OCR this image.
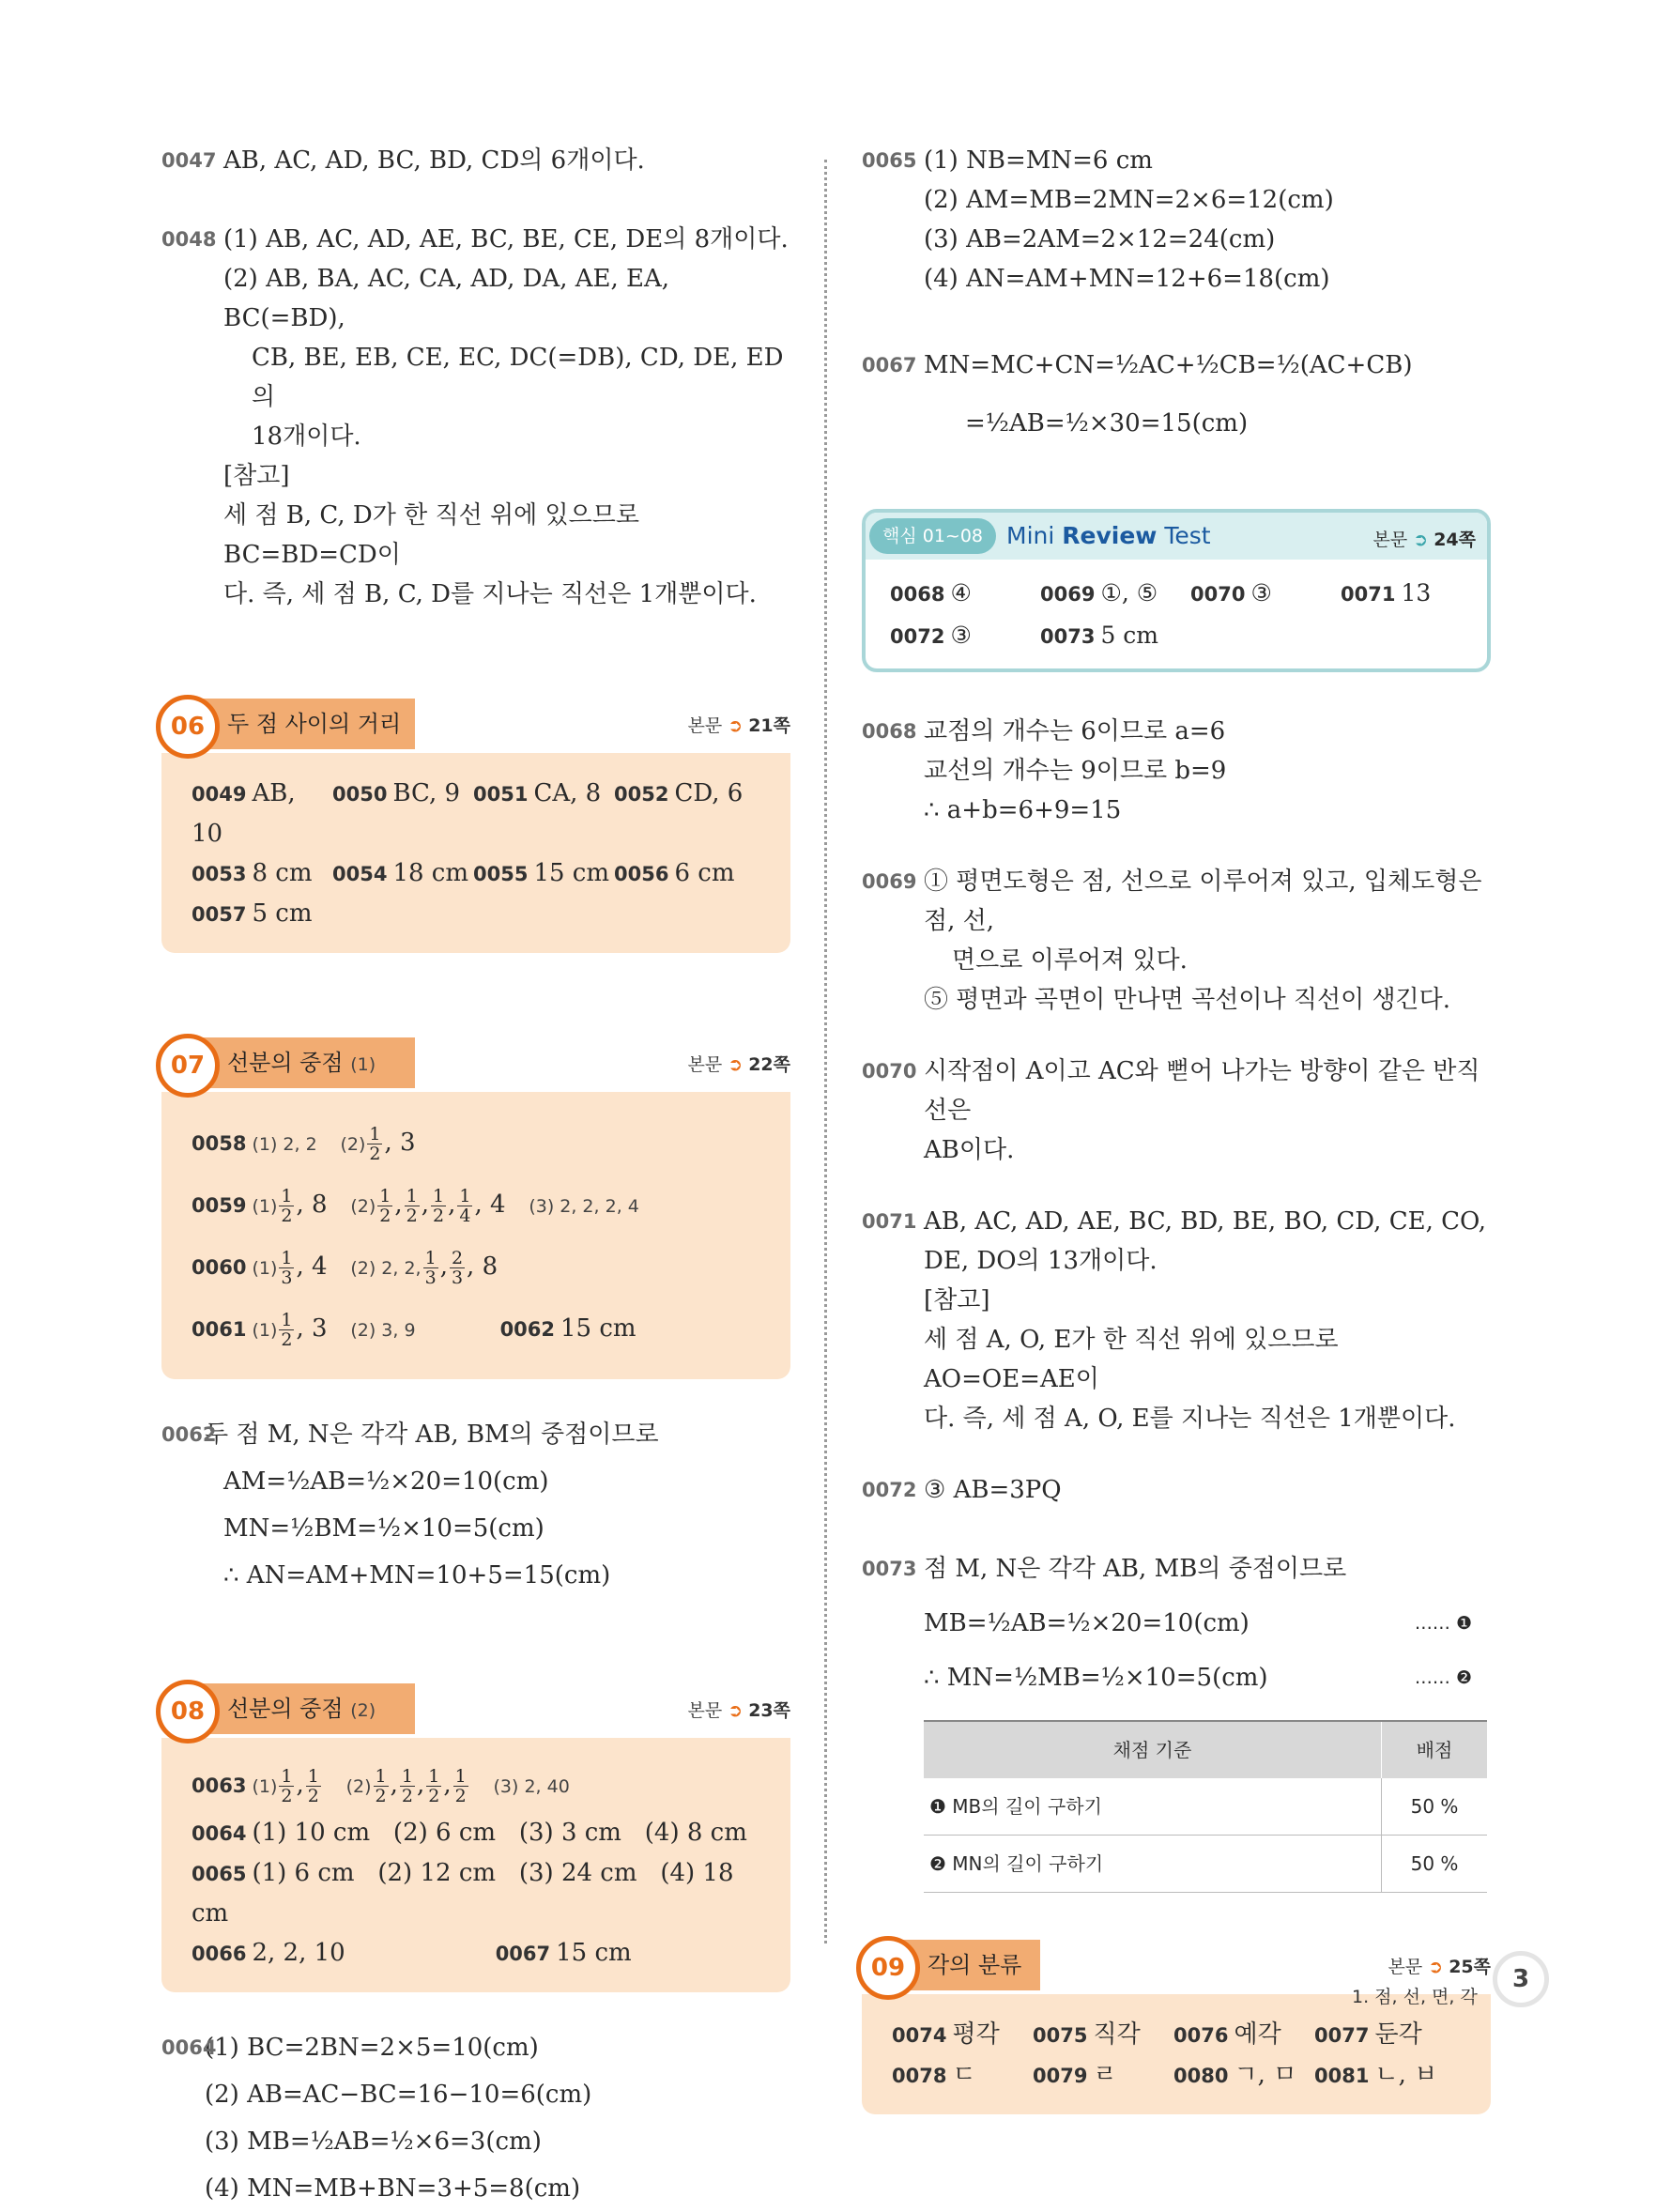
0047 AB, AC, AD, BC, BD, CD의 6개이다.
0048 (1) AB, AC, AD, AE, BC, BE, CE, DE의 8개이다.
(2) AB, BA, AC, CA, AD, DA, AE, EA, BC(=BD),
CB, BE, EB, CE, EC, DC(=DB), CD, DE, ED의
18개이다.
[참고]
세 점 B, C, D가 한 직선 위에 있으므로 BC=BD=CD이
다. 즉, 세 점 B, C, D를 지나는 직선은 1개뿐이다.
06 두 점 사이의 거리	본문 ➲ 21쪽
0049 AB, 10
0050 BC, 9 0051 CA, 8 0052 CD, 6
0053 8 cm	0054 18 cm 0055 15 cm 0056 6 cm
0057 5 cm
07 선분의 중점 (1)	본문 ➲ 22쪽
0058 (1) 2, 2 $(2) \frac{1}{2}$ , 3
0059 $(1) \frac{1}{2}$ , 8 $(2) \frac{1}{2}$ , $\frac{1}{2}$ , $\frac{1}{2}$ , $\frac{1}{4}$ , 4 (3) 2, 2, 2, 4
0060 $(1) \frac{1}{3}$ , 4 (2) 2, 2, $\frac{1}{3}$ , $\frac{2}{3}$ , 8
0061 $(1) \frac{1}{2}$ , 3 (2) 3, 9	0062 15 cm
0062
두 점 M, N은 각각 AB, BM의 중점이므로
AM=½AB=½×20=10(cm)
MN=½BM=½×10=5(cm)
∴ AN=AM+MN=10+5=15(cm)
08 선분의 중점 (2)	본문 ➲ 23쪽
0063 $(1) \frac{1}{2}$ , $\frac{1}{2} (2) \frac{1}{2}$ , $\frac{1}{2}$ , $\frac{1}{2}$ , $\frac{1}{2} (3)$ 2, 40
0064 (1) 10 cm (2) 6 cm (3) 3 cm (4) 8 cm
0065 (1) 6 cm (2) 12 cm (3) 24 cm (4) 18 cm
0066 2, 2, 10	0067 15 cm
0064
(1) BC=2BN=2×5=10(cm)
(2) AB=AC−BC=16−10=6(cm)
(3) MB=½AB=½×6=3(cm)
(4) MN=MB+BN=3+5=8(cm)
0065 (1) NB=MN=6 cm
(2) AM=MB=2MN=2×6=12(cm)
(3) AB=2AM=2×12=24(cm)
(4) AN=AM+MN=12+6=18(cm)
0067 MN=MC+CN=½AC+½CB=½(AC+CB)
=½AB=½×30=15(cm)
핵심 01~08 Mini Review Test	본문 ➲ 24쪽
0068 ④	0069 ①, ⑤	0070 ③	0071 13
0072 ③	0073 5 cm
0068 교점의 개수는 6이므로 a=6
교선의 개수는 9이므로 b=9
∴ a+b=6+9=15
0069 ① 평면도형은 점, 선으로 이루어져 있고, 입체도형은 점, 선,
면으로 이루어져 있다.
⑤ 평면과 곡면이 만나면 곡선이나 직선이 생긴다.
0070 시작점이 A이고 AC와 뻗어 나가는 방향이 같은 반직선은
AB이다.
0071 AB, AC, AD, AE, BC, BD, BE, BO, CD, CE, CO,
DE, DO의 13개이다.
[참고]
세 점 A, O, E가 한 직선 위에 있으므로 AO=OE=AE이
다. 즉, 세 점 A, O, E를 지나는 직선은 1개뿐이다.
0072 ③ AB=3PQ
0073 점 M, N은 각각 AB, MB의 중점이므로
MB=½AB=½×20=10(cm)	…… ❶
∴ MN=½MB=½×10=5(cm)	…… ❷
채점 기준	배점
❶ MB의 길이 구하기	50 %
❷ MN의 길이 구하기	50 %
09 각의 분류	본문 ➲ 25쪽
0074 평각	0075 직각	0076 예각	0077 둔각
0078 ㄷ	0079 ㄹ	0080 ㄱ, ㅁ 0081 ㄴ, ㅂ
1. 점, 선, 면, 각
3
